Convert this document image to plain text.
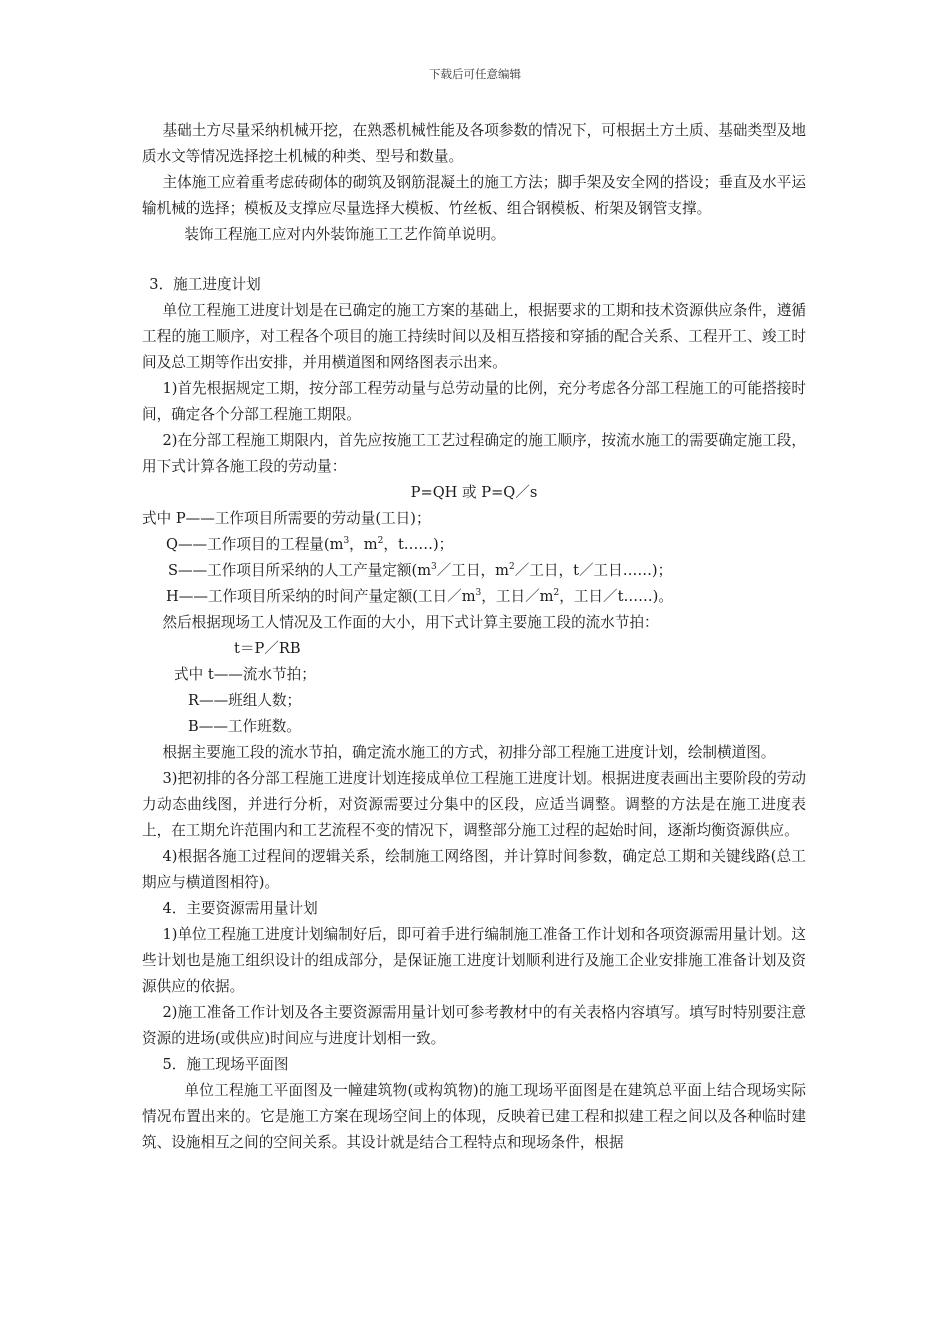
下载后可任意编辑

基础土方尽量采纳机械开挖，在熟悉机械性能及各项参数的情况下，可根据土方土质、基础类型及地质水文等情况选择挖土机械的种类、型号和数量。

主体施工应着重考虑砖砌体的砌筑及钢筋混凝土的施工方法；脚手架及安全网的搭设；垂直及水平运输机械的选择；模板及支撑应尽量选择大模板、竹丝板、组合钢模板、桁架及钢管支撑。

装饰工程施工应对内外装饰施工工艺作简单说明。

3．施工进度计划

单位工程施工进度计划是在已确定的施工方案的基础上，根据要求的工期和技术资源供应条件，遵循工程的施工顺序，对工程各个项目的施工持续时间以及相互搭接和穿插的配合关系、工程开工、竣工时间及总工期等作出安排，并用横道图和网络图表示出来。

1)首先根据规定工期，按分部工程劳动量与总劳动量的比例，充分考虑各分部工程施工的可能搭接时间，确定各个分部工程施工期限。

2)在分部工程施工期限内，首先应按施工工艺过程确定的施工顺序，按流水施工的需要确定施工段，用下式计算各施工段的劳动量：

P=QH 或 P=Q／s

式中 P——工作项目所需要的劳动量(工日)；

Q——工作项目的工程量($m^3$，$m^2$，t……)；

S——工作项目所采纳的人工产量定额($m^3/$工日，$m^2/$工日，t／工日……)；

H——工作项目所采纳的时间产量定额(工日$/m^3$，工日$/m^2$，工日／t……)。

然后根据现场工人情况及工作面的大小，用下式计算主要施工段的流水节拍：

t＝P／RB

式中 t——流水节拍；

R——班组人数；

B——工作班数。

根据主要施工段的流水节拍，确定流水施工的方式，初排分部工程施工进度计划，绘制横道图。

3)把初排的各分部工程施工进度计划连接成单位工程施工进度计划。根据进度表画出主要阶段的劳动力动态曲线图，并进行分析，对资源需要过分集中的区段，应适当调整。调整的方法是在施工进度表上，在工期允许范围内和工艺流程不变的情况下，调整部分施工过程的起始时间，逐渐均衡资源供应。

4)根据各施工过程间的逻辑关系，绘制施工网络图，并计算时间参数，确定总工期和关键线路(总工期应与横道图相符)。

4．主要资源需用量计划

1)单位工程施工进度计划编制好后，即可着手进行编制施工准备工作计划和各项资源需用量计划。这些计划也是施工组织设计的组成部分，是保证施工进度计划顺利进行及施工企业安排施工准备计划及资源供应的依据。

2)施工准备工作计划及各主要资源需用量计划可参考教材中的有关表格内容填写。填写时特别要注意资源的进场(或供应)时间应与进度计划相一致。

5．施工现场平面图

单位工程施工平面图及一幢建筑物(或构筑物)的施工现场平面图是在建筑总平面上结合现场实际情况布置出来的。它是施工方案在现场空间上的体现，反映着已建工程和拟建工程之间以及各种临时建筑、设施相互之间的空间关系。其设计就是结合工程特点和现场条件，根据
